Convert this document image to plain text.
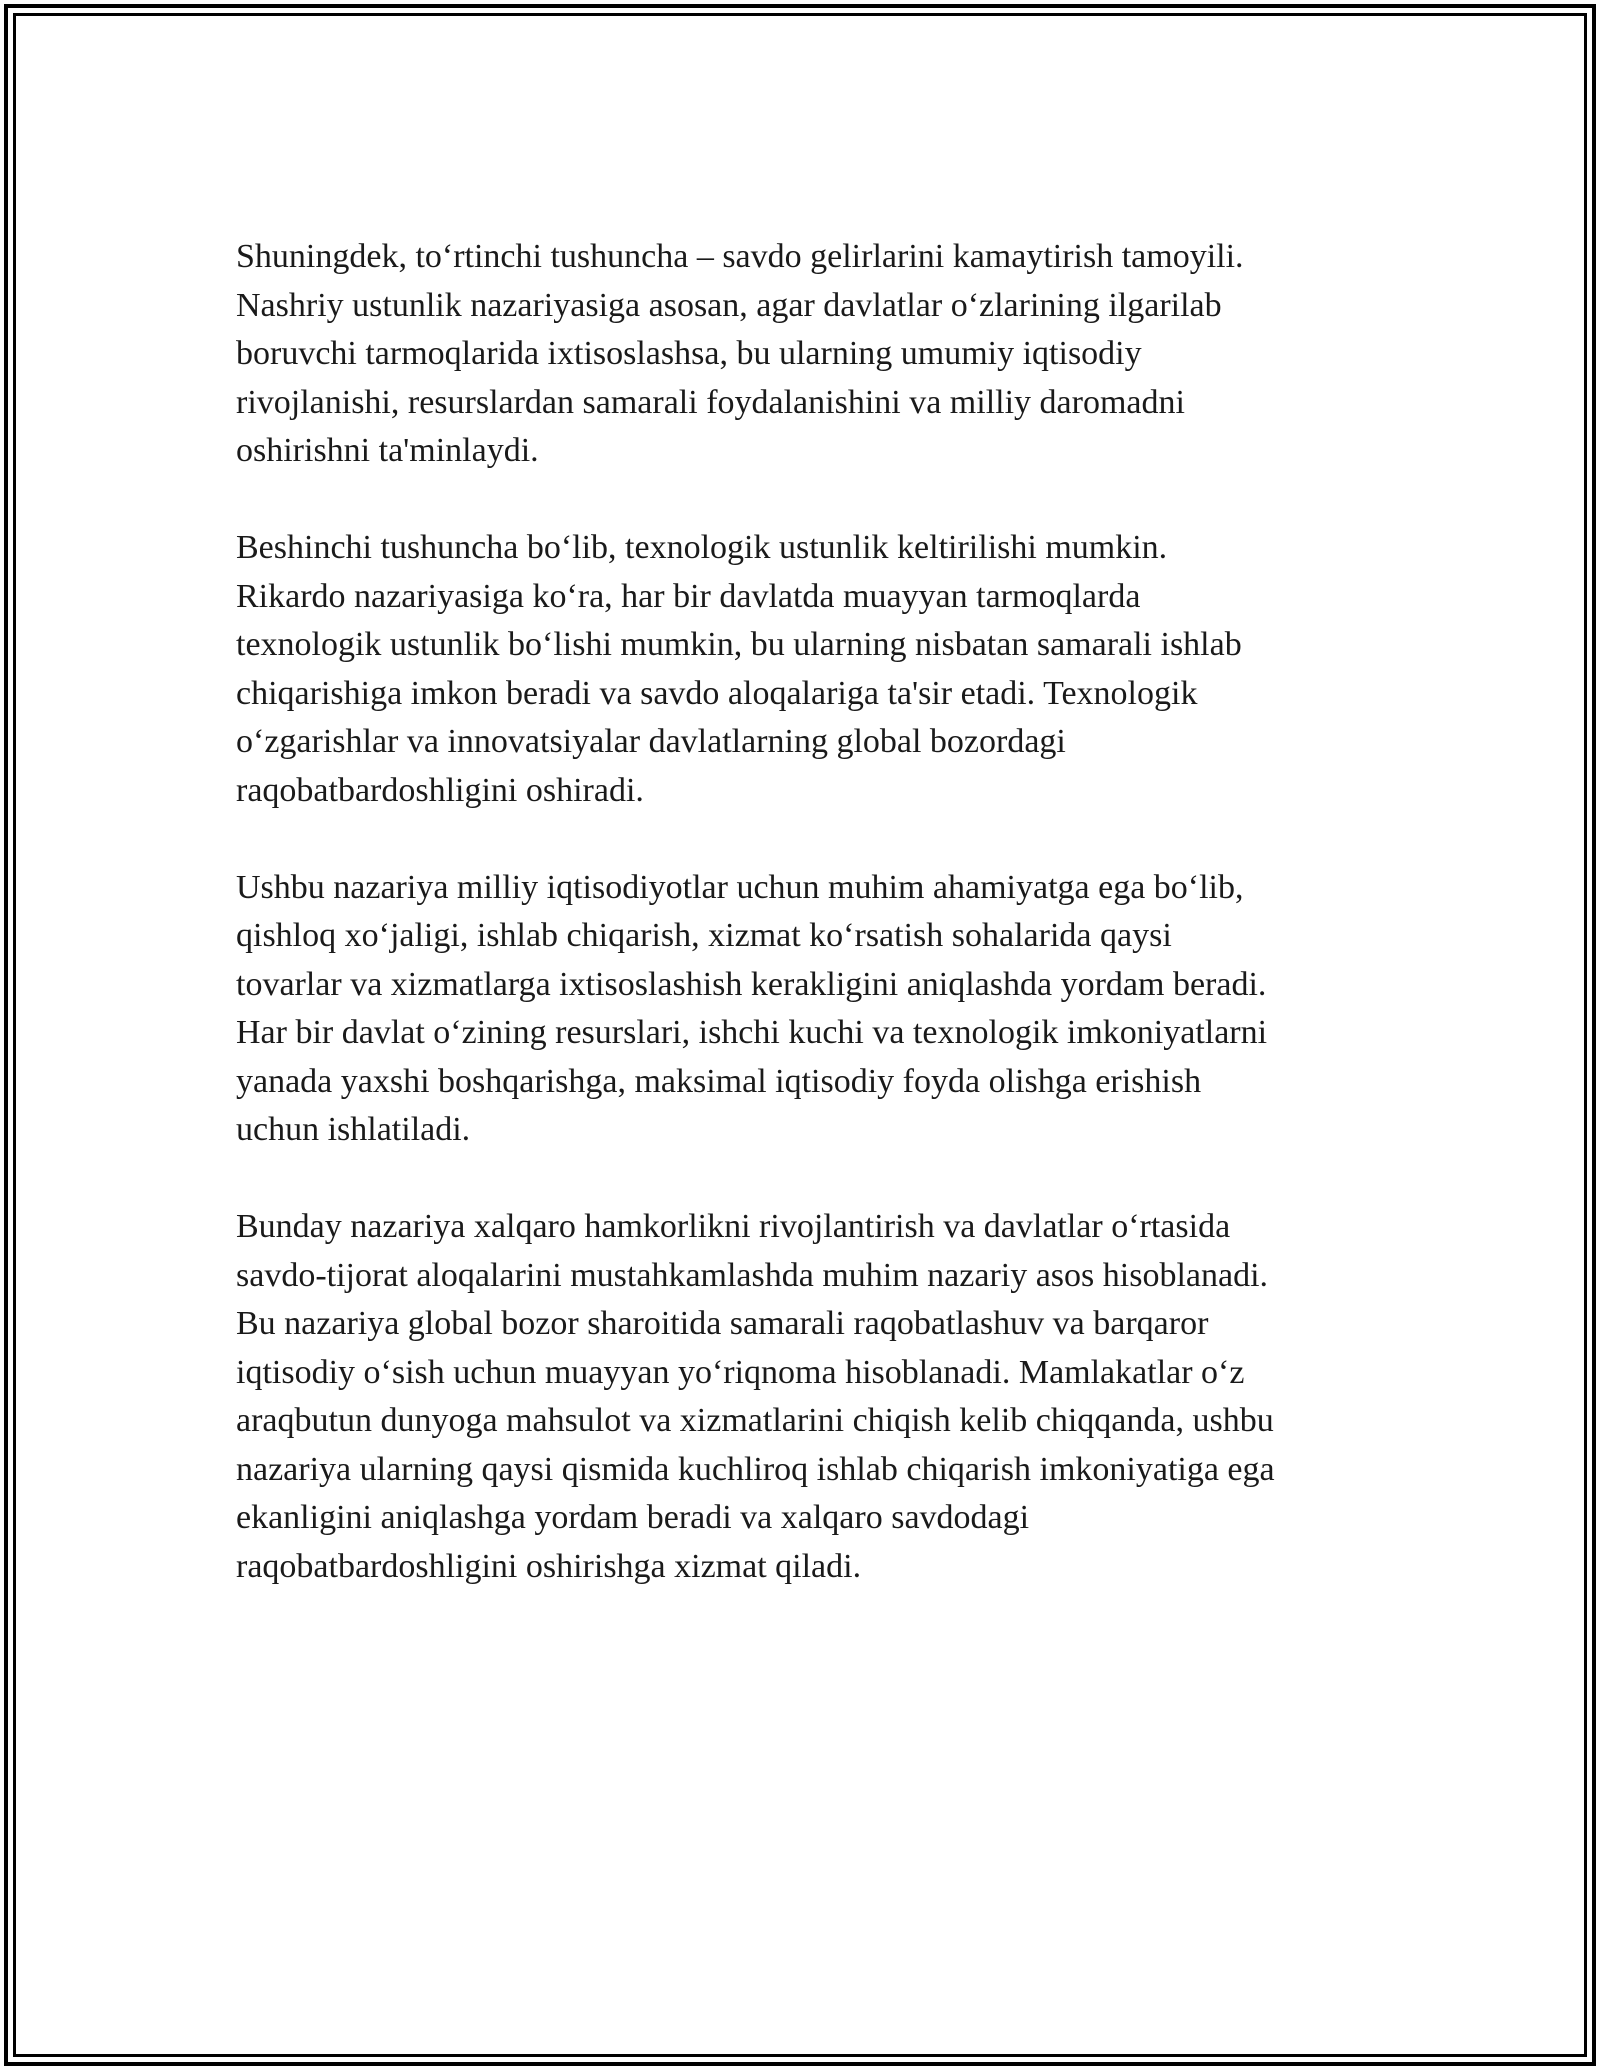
Shuningdek, to‘rtinchi tushuncha – savdo gelirlarini kamaytirish tamoyili.
Nashriy ustunlik nazariyasiga asosan, agar davlatlar o‘zlarining ilgarilab
boruvchi tarmoqlarida ixtisoslashsa, bu ularning umumiy iqtisodiy
rivojlanishi, resurslardan samarali foydalanishini va milliy daromadni
oshirishni ta'minlaydi.

Beshinchi tushuncha bo‘lib, texnologik ustunlik keltirilishi mumkin.
Rikardo nazariyasiga ko‘ra, har bir davlatda muayyan tarmoqlarda
texnologik ustunlik bo‘lishi mumkin, bu ularning nisbatan samarali ishlab
chiqarishiga imkon beradi va savdo aloqalariga ta'sir etadi. Texnologik
o‘zgarishlar va innovatsiyalar davlatlarning global bozordagi
raqobatbardoshligini oshiradi.

Ushbu nazariya milliy iqtisodiyotlar uchun muhim ahamiyatga ega bo‘lib,
qishloq xo‘jaligi, ishlab chiqarish, xizmat ko‘rsatish sohalarida qaysi
tovarlar va xizmatlarga ixtisoslashish kerakligini aniqlashda yordam beradi.
Har bir davlat o‘zining resurslari, ishchi kuchi va texnologik imkoniyatlarni
yanada yaxshi boshqarishga, maksimal iqtisodiy foyda olishga erishish
uchun ishlatiladi.

Bunday nazariya xalqaro hamkorlikni rivojlantirish va davlatlar o‘rtasida
savdo-tijorat aloqalarini mustahkamlashda muhim nazariy asos hisoblanadi.
Bu nazariya global bozor sharoitida samarali raqobatlashuv va barqaror
iqtisodiy o‘sish uchun muayyan yo‘riqnoma hisoblanadi. Mamlakatlar o‘z
araqbutun dunyoga mahsulot va xizmatlarini chiqish kelib chiqqanda, ushbu
nazariya ularning qaysi qismida kuchliroq ishlab chiqarish imkoniyatiga ega
ekanligini aniqlashga yordam beradi va xalqaro savdodagi
raqobatbardoshligini oshirishga xizmat qiladi.
